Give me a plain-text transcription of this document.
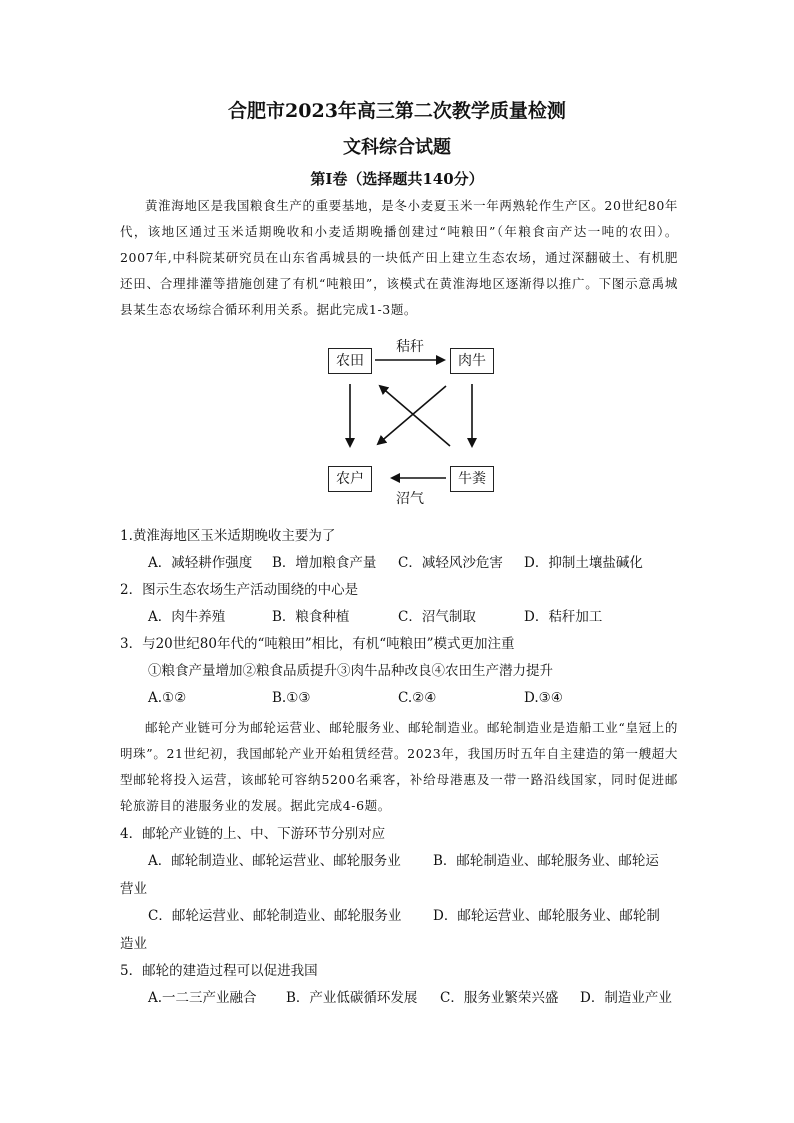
合肥市2023年高三第二次教学质量检测
文科综合试题
第Ⅰ卷（选择题共140分）
黄淮海地区是我国粮食生产的重要基地，是冬小麦夏玉米一年两熟轮作生产区。20世纪80年代，该地区通过玉米适期晚收和小麦适期晚播创建过“吨粮田”（年粮食亩产达一吨的农田）。2007年,中科院某研究员在山东省禹城县的一块低产田上建立生态农场，通过深翻破土、有机肥还田、合理排灌等措施创建了有机“吨粮田”，该模式在黄淮海地区逐渐得以推广。下图示意禹城县某生态农场综合循环利用关系。据此完成1-3题。
农田	肉牛
农户	牛粪
秸秆
沼气
1.黄淮海地区玉米适期晚收主要为了
A．减轻耕作强度 B．增加粮食产量 C．减轻风沙危害 D．抑制土壤盐碱化
2．图示生态农场生产活动围绕的中心是
A．肉牛养殖	B．粮食种植	C．沼气制取	D．秸秆加工
3．与20世纪80年代的“吨粮田”相比，有机“吨粮田”模式更加注重
①粮食产量增加②粮食品质提升③肉牛品种改良④农田生产潜力提升
A.①②	B.①③	C.②④	D.③④
邮轮产业链可分为邮轮运营业、邮轮服务业、邮轮制造业。邮轮制造业是造船工业“皇冠上的明珠”。21世纪初，我国邮轮产业开始租赁经营。2023年，我国历时五年自主建造的第一艘超大型邮轮将投入运营，该邮轮可容纳5200名乘客，补给母港惠及一带一路沿线国家，同时促进邮轮旅游目的港服务业的发展。据此完成4-6题。
4．邮轮产业链的上、中、下游环节分别对应
A．邮轮制造业、邮轮运营业、邮轮服务业 B．邮轮制造业、邮轮服务业、邮轮运
营业
C．邮轮运营业、邮轮制造业、邮轮服务业 D．邮轮运营业、邮轮服务业、邮轮制
造业
5．邮轮的建造过程可以促进我国
A.一二三产业融合 B．产业低碳循环发展 C．服务业繁荣兴盛 D．制造业产业
